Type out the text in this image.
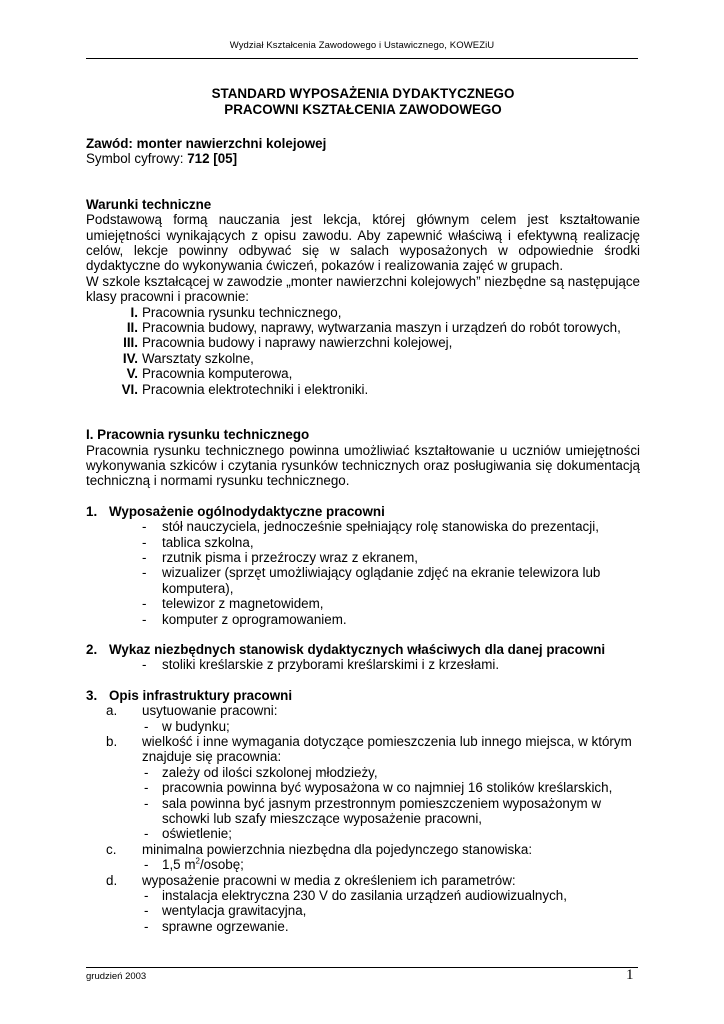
Wydział Kształcenia Zawodowego i Ustawicznego, KOWEZiU
STANDARD WYPOSAŻENIA DYDAKTYCZNEGO
PRACOWNI KSZTAŁCENIA ZAWODOWEGO
Zawód: monter nawierzchni kolejowej
Symbol cyfrowy: 712 [05]
Warunki techniczne
Podstawową formą nauczania jest lekcja, której głównym celem jest kształtowanie umiejętności wynikających z opisu zawodu. Aby zapewnić właściwą i efektywną realizację celów, lekcje powinny odbywać się w salach wyposażonych w odpowiednie środki dydaktyczne do wykonywania ćwiczeń, pokazów i realizowania zajęć w grupach.
W szkole kształcącej w zawodzie „monter nawierzchni kolejowych” niezbędne są następujące klasy pracowni i pracownie:
I. Pracownia rysunku technicznego,
II. Pracownia budowy, naprawy, wytwarzania maszyn i urządzeń do robót torowych,
III. Pracownia budowy i naprawy nawierzchni kolejowej,
IV. Warsztaty szkolne,
V. Pracownia komputerowa,
VI. Pracownia elektrotechniki i elektroniki.
I. Pracownia rysunku technicznego
Pracownia rysunku technicznego powinna umożliwiać kształtowanie u uczniów umiejętności wykonywania szkiców i czytania rysunków technicznych oraz posługiwania się dokumentacją techniczną i normami rysunku technicznego.
1. Wyposażenie ogólnodydaktyczne pracowni
-	stół nauczyciela, jednocześnie spełniający rolę stanowiska do prezentacji,
-	tablica szkolna,
-	rzutnik pisma i przeźroczy wraz z ekranem,
-	wizualizer (sprzęt umożliwiający oglądanie zdjęć na ekranie telewizora lub komputera),
-	telewizor z magnetowidem,
-	komputer z oprogramowaniem.
2. Wykaz niezbędnych stanowisk dydaktycznych właściwych dla danej pracowni
-	stoliki kreślarskie z przyborami kreślarskimi i z krzesłami.
3. Opis infrastruktury pracowni
a.	usytuowanie pracowni:
-	w budynku;
b.	wielkość i inne wymagania dotyczące pomieszczenia lub innego miejsca, w którym znajduje się pracownia:
-	zależy od ilości szkolonej młodzieży,
-	pracownia powinna być wyposażona w co najmniej 16 stolików kreślarskich,
-	sala powinna być jasnym przestronnym pomieszczeniem wyposażonym w schowki lub szafy mieszczące wyposażenie pracowni,
-	oświetlenie;
c.	minimalna powierzchnia niezbędna dla pojedynczego stanowiska:
-	1,5 $m^2$/osobę;
d.	wyposażenie pracowni w media z określeniem ich parametrów:
-	instalacja elektryczna 230 V do zasilania urządzeń audiowizualnych,
-	wentylacja grawitacyjna,
-	sprawne ogrzewanie.
grudzień 2003	1
